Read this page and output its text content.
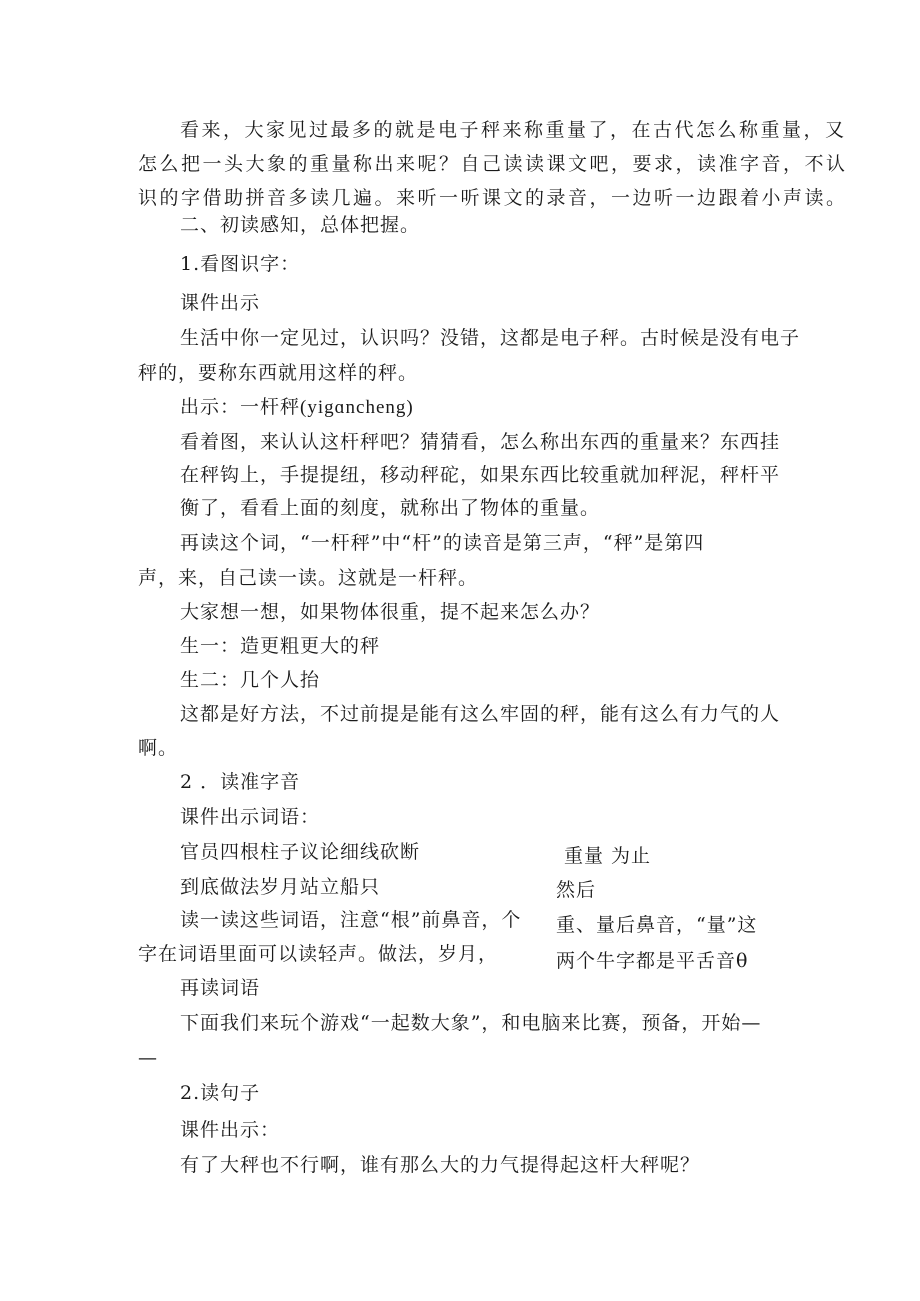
看来，大家见过最多的就是电子秤来称重量了，在古代怎么称重量，又
怎么把一头大象的重量称出来呢？自己读读课文吧，要求，读准字音，不认
识的字借助拼音多读几遍。来听一听课文的录音，一边听一边跟着小声读。
二、初读感知，总体把握。
1.看图识字：
课件出示
生活中你一定见过，认识吗？没错，这都是电子秤。古时候是没有电子
秤的，要称东西就用这样的秤。
出示：一杆秤(yigɑncheng)
看着图，来认认这杆秤吧？猜猜看，怎么称出东西的重量来？东西挂
在秤钩上，手提提纽，移动秤砣，如果东西比较重就加秤泥，秤杆平
衡了，看看上面的刻度，就称出了物体的重量。
再读这个词，“一杆秤”中“杆”的读音是第三声，“秤”是第四
声，来，自己读一读。这就是一杆秤。
大家想一想，如果物体很重，提不起来怎么办？
生一：造更粗更大的秤
生二：几个人抬
这都是好方法，不过前提是能有这么牢固的秤，能有这么有力气的人
啊。
2 ．读准字音
课件出示词语：
官员四根柱子议论细线砍断
到底做法岁月站立船只
读一读这些词语，注意“根”前鼻音，个
字在词语里面可以读轻声。做法，岁月，
再读词语
下面我们来玩个游戏“一起数大象”，和电脑来比赛，预备，开始—
—
2.读句子
课件出示：
有了大秤也不行啊，谁有那么大的力气提得起这杆大秤呢？
重量 为止
然后
重、量后鼻音，“量”这
两个牛字都是平舌音θ
